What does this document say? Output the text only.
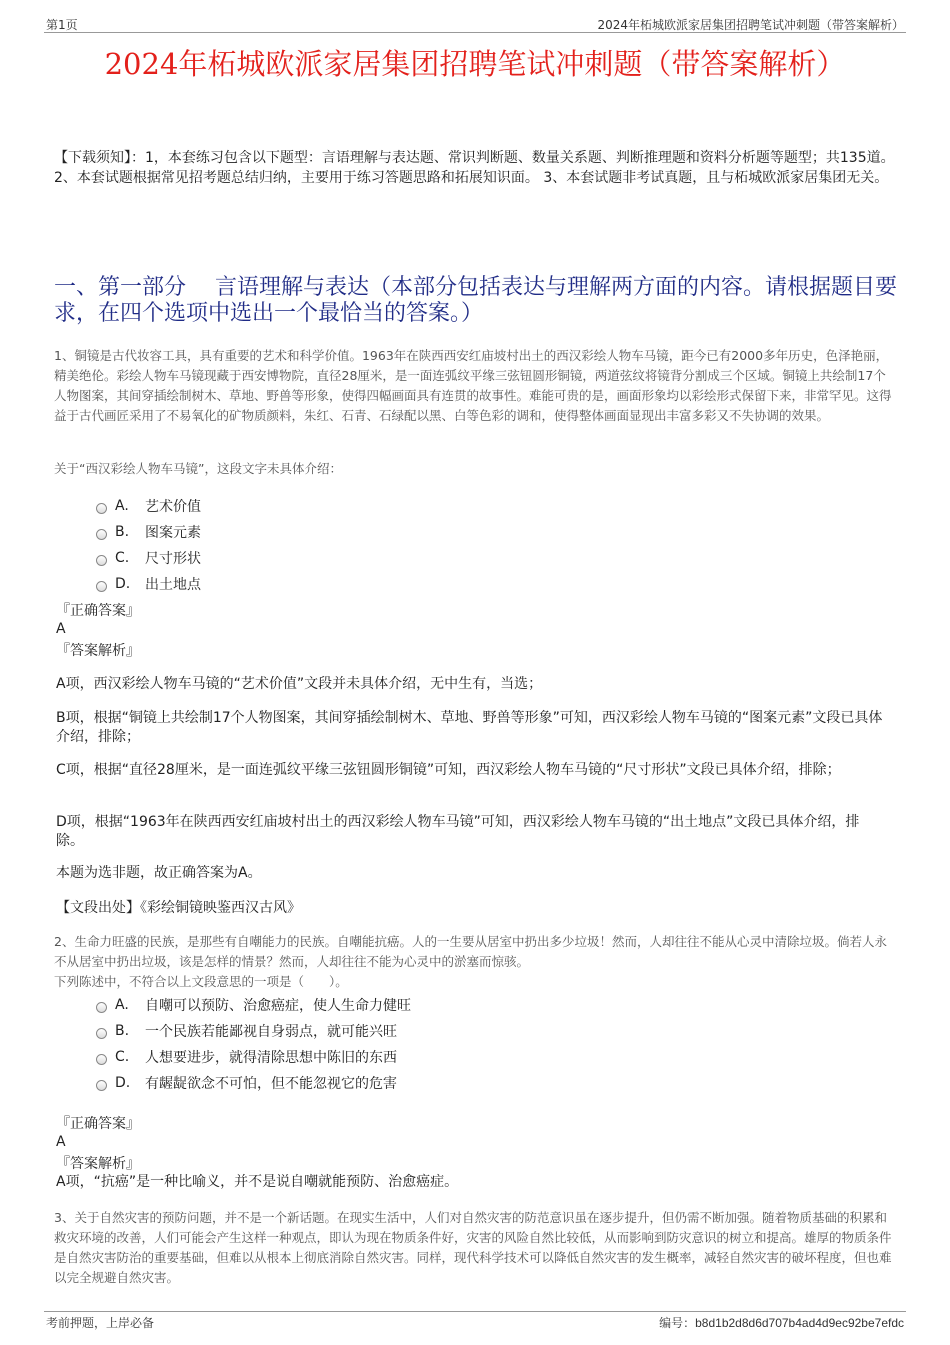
第1页	2024年柘城欧派家居集团招聘笔试冲刺题（带答案解析）
2024年柘城欧派家居集团招聘笔试冲刺题（带答案解析）
【下载须知】：1，本套练习包含以下题型：言语理解与表达题、常识判断题、数量关系题、判断推理题和资料分析题等题型；共135道。2、本套试题根据常见招考题总结归纳，主要用于练习答题思路和拓展知识面。 3、本套试题非考试真题，且与柘城欧派家居集团无关。
一、第一部分　 言语理解与表达（本部分包括表达与理解两方面的内容。请根据题目要求，在四个选项中选出一个最恰当的答案。）
1、铜镜是古代妆容工具，具有重要的艺术和科学价值。1963年在陕西西安红庙坡村出土的西汉彩绘人物车马镜，距今已有2000多年历史，色泽艳丽，精美绝伦。彩绘人物车马镜现藏于西安博物院，直径28厘米，是一面连弧纹平缘三弦钮圆形铜镜，两道弦纹将镜背分割成三个区域。铜镜上共绘制17个人物图案，其间穿插绘制树木、草地、野兽等形象，使得四幅画面具有连贯的故事性。难能可贵的是，画面形象均以彩绘形式保留下来，非常罕见。这得益于古代画匠采用了不易氧化的矿物质颜料，朱红、石青、石绿配以黑、白等色彩的调和，使得整体画面显现出丰富多彩又不失协调的效果。
关于“西汉彩绘人物车马镜”，这段文字未具体介绍：
A.	艺术价值
B.	图案元素
C.	尺寸形状
D.	出土地点
『正确答案』
A
『答案解析』
A项，西汉彩绘人物车马镜的“艺术价值”文段并未具体介绍，无中生有，当选；
B项，根据“铜镜上共绘制17个人物图案，其间穿插绘制树木、草地、野兽等形象”可知，西汉彩绘人物车马镜的“图案元素”文段已具体介绍，排除；
C项，根据“直径28厘米，是一面连弧纹平缘三弦钮圆形铜镜”可知，西汉彩绘人物车马镜的“尺寸形状”文段已具体介绍，排除；
D项，根据“1963年在陕西西安红庙坡村出土的西汉彩绘人物车马镜”可知，西汉彩绘人物车马镜的“出土地点”文段已具体介绍，排除。
本题为选非题，故正确答案为A。
【文段出处】《彩绘铜镜映鉴西汉古风》
2、生命力旺盛的民族，是那些有自嘲能力的民族。自嘲能抗癌。人的一生要从居室中扔出多少垃圾！然而，人却往往不能从心灵中清除垃圾。倘若人永不从居室中扔出垃圾，该是怎样的情景？然而，人却往往不能为心灵中的淤塞而惊骇。
下列陈述中，不符合以上文段意思的一项是（　　）。
A.	自嘲可以预防、治愈癌症，使人生命力健旺
B.	一个民族若能鄙视自身弱点，就可能兴旺
C.	人想要进步，就得清除思想中陈旧的东西
D.	有龌龊欲念不可怕，但不能忽视它的危害
『正确答案』
A
『答案解析』
A项，“抗癌”是一种比喻义，并不是说自嘲就能预防、治愈癌症。
3、关于自然灾害的预防问题，并不是一个新话题。在现实生活中，人们对自然灾害的防范意识虽在逐步提升，但仍需不断加强。随着物质基础的积累和救灾环境的改善，人们可能会产生这样一种观点，即认为现在物质条件好，灾害的风险自然比较低，从而影响到防灾意识的树立和提高。雄厚的物质条件是自然灾害防治的重要基础，但难以从根本上彻底消除自然灾害。同样，现代科学技术可以降低自然灾害的发生概率，减轻自然灾害的破坏程度，但也难以完全规避自然灾害。
考前押题，上岸必备	编号：b8d1b2d8d6d707b4ad4d9ec92be7efdc
